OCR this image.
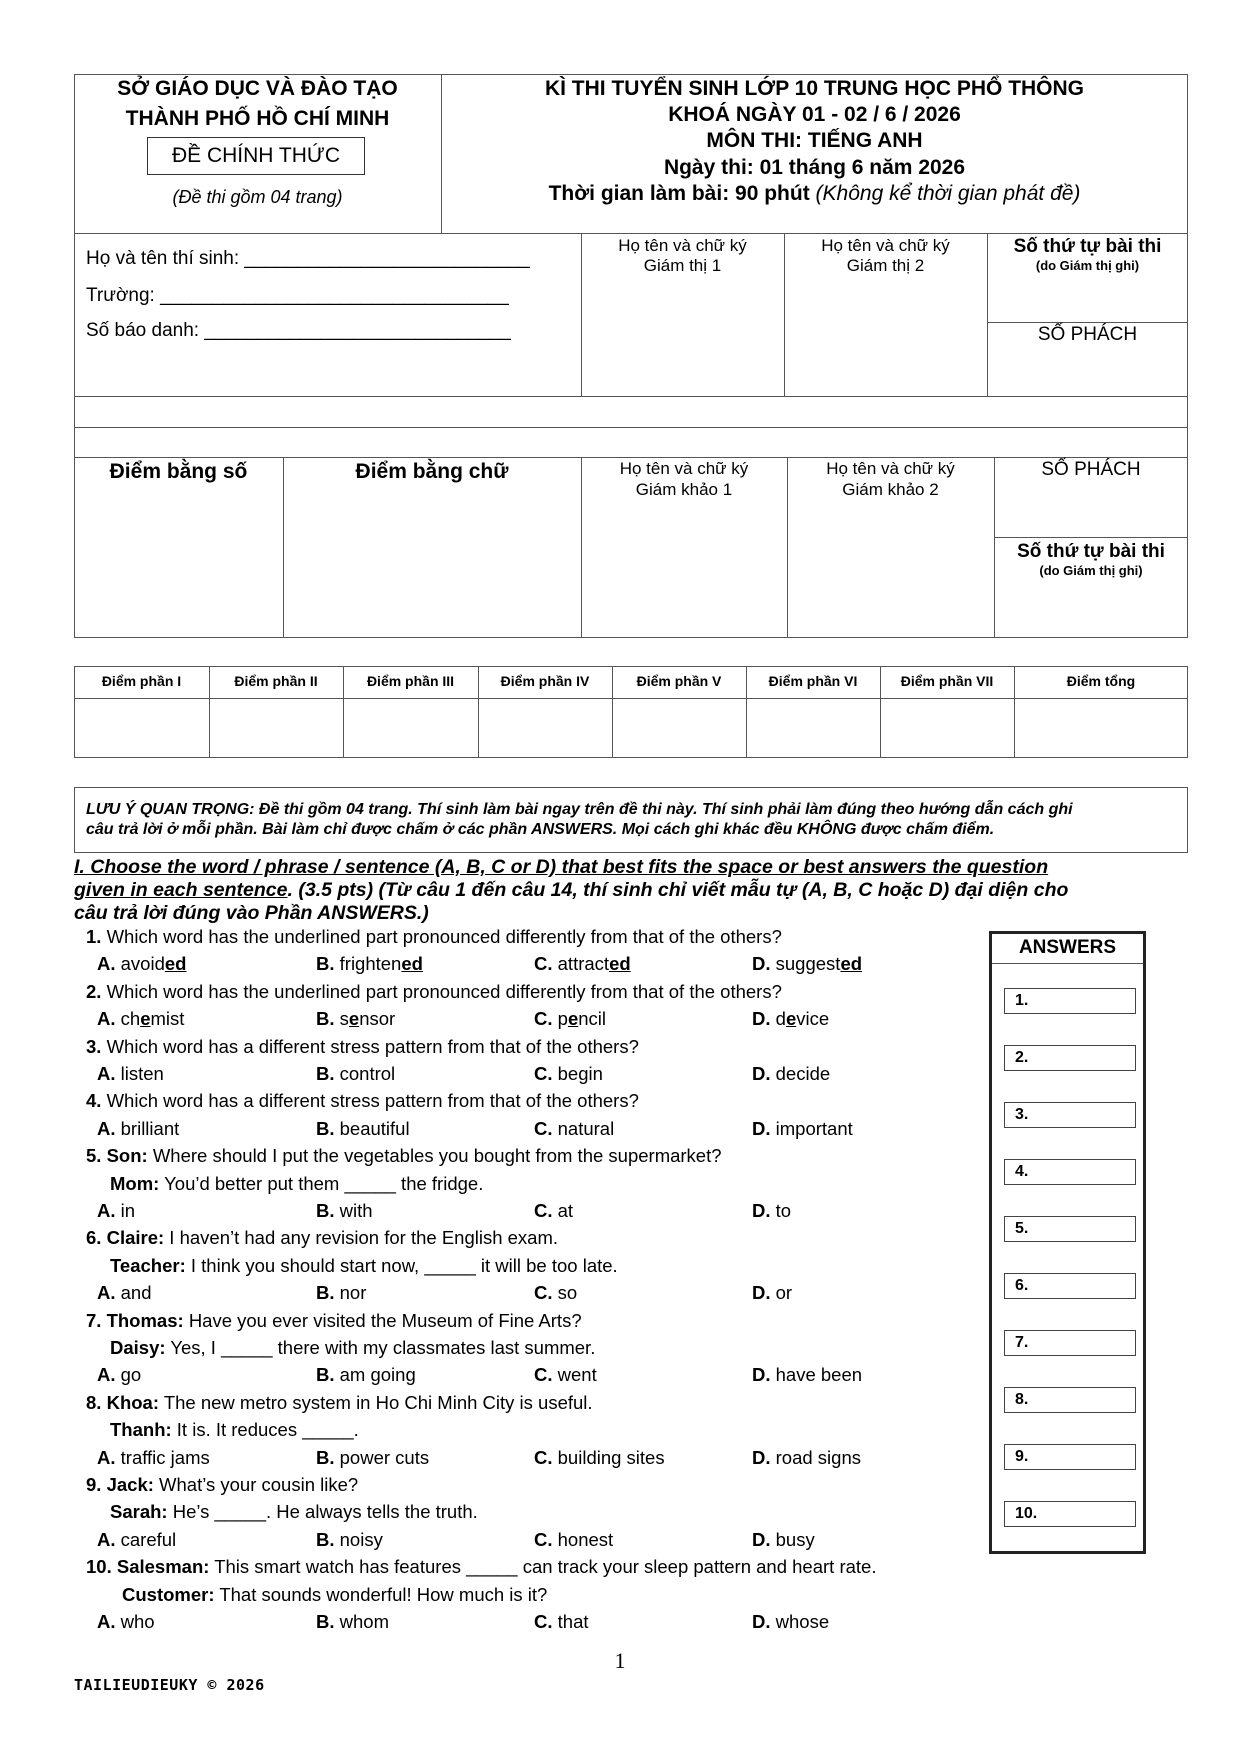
SỞ GIÁO DỤC VÀ ĐÀO TẠO
THÀNH PHỐ HỒ CHÍ MINH
ĐỀ CHÍNH THỨC
(Đề thi gồm 04 trang)
KÌ THI TUYỂN SINH LỚP 10 TRUNG HỌC PHỔ THÔNG
KHOÁ NGÀY 01 - 02 / 6 / 2026
MÔN THI: TIẾNG ANH
Ngày thi: 01 tháng 6 năm 2026
Thời gian làm bài: 90 phút (Không kể thời gian phát đề)
Họ và tên thí sinh: ___________________________
Trường: _________________________________
Số báo danh: _____________________________
Họ tên và chữ ký
Giám thị 1
Họ tên và chữ ký
Giám thị 2
Số thứ tự bài thi
(do Giám thị ghi)
SỐ PHÁCH
Điểm bằng số	Điểm bằng chữ	Họ tên và chữ ký
Giám khảo 1
Họ tên và chữ ký
Giám khảo 2
SỐ PHÁCH
Số thứ tự bài thi
(do Giám thị ghi)
Điểm phần I	Điểm phần II	Điểm phần III	Điểm phần IV	Điểm phần V	Điểm phần VI	Điểm phần VII	Điểm tổng
LƯU Ý QUAN TRỌNG: Đề thi gồm 04 trang. Thí sinh làm bài ngay trên đề thi này. Thí sinh phải làm đúng theo hướng dẫn cách ghi
câu trả lời ở mỗi phần. Bài làm chỉ được chấm ở các phần ANSWERS. Mọi cách ghi khác đều KHÔNG được chấm điểm.
I. Choose the word / phrase / sentence (A, B, C or D) that best fits the space or best answers the question
given in each sentence. (3.5 pts) (Từ câu 1 đến câu 14, thí sinh chỉ viết mẫu tự (A, B, C hoặc D) đại diện cho
câu trả lời đúng vào Phần ANSWERS.)
1. Which word has the underlined part pronounced differently from that of the others?
A. avoided	B. frightened	C. attracted	D. suggested
2. Which word has the underlined part pronounced differently from that of the others?
A. chemist	B. sensor	C. pencil	D. device
3. Which word has a different stress pattern from that of the others?
A. listen	B. control	C. begin	D. decide
4. Which word has a different stress pattern from that of the others?
A. brilliant	B. beautiful	C. natural	D. important
5. Son: Where should I put the vegetables you bought from the supermarket?
Mom: You’d better put them _____ the fridge.
A. in	B. with	C. at	D. to
6. Claire: I haven’t had any revision for the English exam.
Teacher: I think you should start now, _____ it will be too late.
A. and	B. nor	C. so	D. or
7. Thomas: Have you ever visited the Museum of Fine Arts?
Daisy: Yes, I _____ there with my classmates last summer.
A. go	B. am going	C. went	D. have been
8. Khoa: The new metro system in Ho Chi Minh City is useful.
Thanh: It is. It reduces _____.
A. traffic jams	B. power cuts	C. building sites	D. road signs
9. Jack: What’s your cousin like?
Sarah: He’s _____. He always tells the truth.
A. careful	B. noisy	C. honest	D. busy
10. Salesman: This smart watch has features _____ can track your sleep pattern and heart rate.
Customer: That sounds wonderful! How much is it?
A. who	B. whom	C. that	D. whose
ANSWERS
1.
2.
3.
4.
5.
6.
7.
8.
9.
10.
1
TAILIEUDIEUKY © 2026
